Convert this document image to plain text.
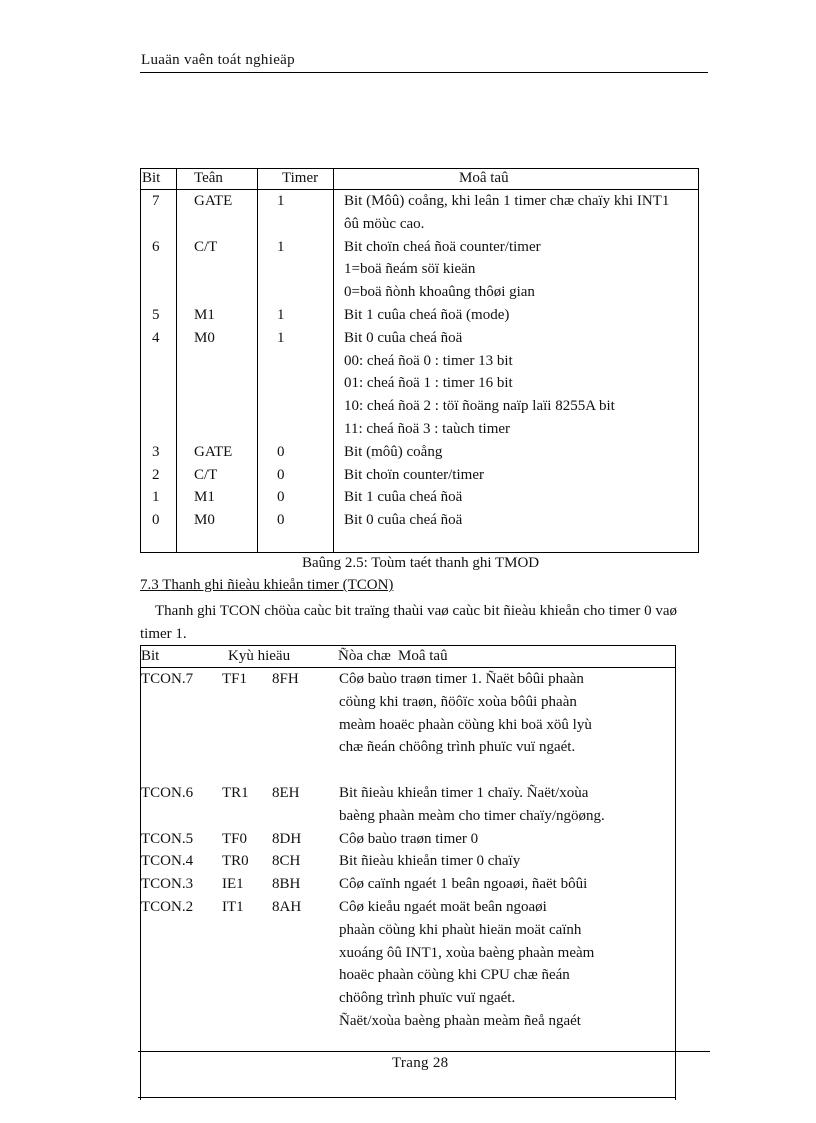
Luaän vaên toát nghieäp
Bit Teân	Timer	Moâ taû
7 GATE	1	Bit (Môû) coång, khi leân 1 timer chæ chaïy khi INT1
ôû möùc cao.
6 C/T	1	Bit choïn cheá ñoä counter/timer
1=boä ñeám söï kieän
0=boä ñònh khoaûng thôøi gian
5 M1	1	Bit 1 cuûa cheá ñoä (mode)
4 M0	1	Bit 0 cuûa cheá ñoä
00: cheá ñoä 0 : timer 13 bit
01: cheá ñoä 1 : timer 16 bit
10: cheá ñoä 2 : töï ñoäng naïp laïi 8255A bit
11: cheá ñoä 3 : taùch timer
3 GATE	0	Bit (môû) coång
2 C/T	0	Bit choïn counter/timer
1 M1	0	Bit 1 cuûa cheá ñoä
0 M0	0	Bit 0 cuûa cheá ñoä
Baûng 2.5: Toùm taét thanh ghi TMOD
7.3 Thanh ghi ñieàu khieån timer (TCON)
Thanh ghi TCON chöùa caùc bit traïng thaùi vaø caùc bit ñieàu khieån cho timer 0 vaø timer 1.
Bit	Kyù hieäu	Ñòa chæ Moâ taû
TCON.7 TF1 8FH	Côø baùo traøn timer 1. Ñaët bôûi phaàn
cöùng khi traøn, ñöôïc xoùa bôûi phaàn
meàm hoaëc phaàn cöùng khi boä xöû lyù
chæ ñeán chöông trình phuïc vuï ngaét.
TCON.6 TR1 8EH	Bit ñieàu khieån timer 1 chaïy. Ñaët/xoùa
baèng phaàn meàm cho timer chaïy/ngöøng.
TCON.5 TF0 8DH	Côø baùo traøn timer 0
TCON.4 TR0 8CH	Bit ñieàu khieån timer 0 chaïy
TCON.3 IE1 8BH	Côø caïnh ngaét 1 beân ngoaøi, ñaët bôûi
TCON.2 IT1 8AH	Côø kieåu ngaét moät beân ngoaøi
phaàn cöùng khi phaùt hieän moät caïnh
xuoáng ôû INT1, xoùa baèng phaàn meàm
hoaëc phaàn cöùng khi CPU chæ ñeán
chöông trình phuïc vuï ngaét.
Ñaët/xoùa baèng phaàn meàm ñeå ngaét
Trang 28
